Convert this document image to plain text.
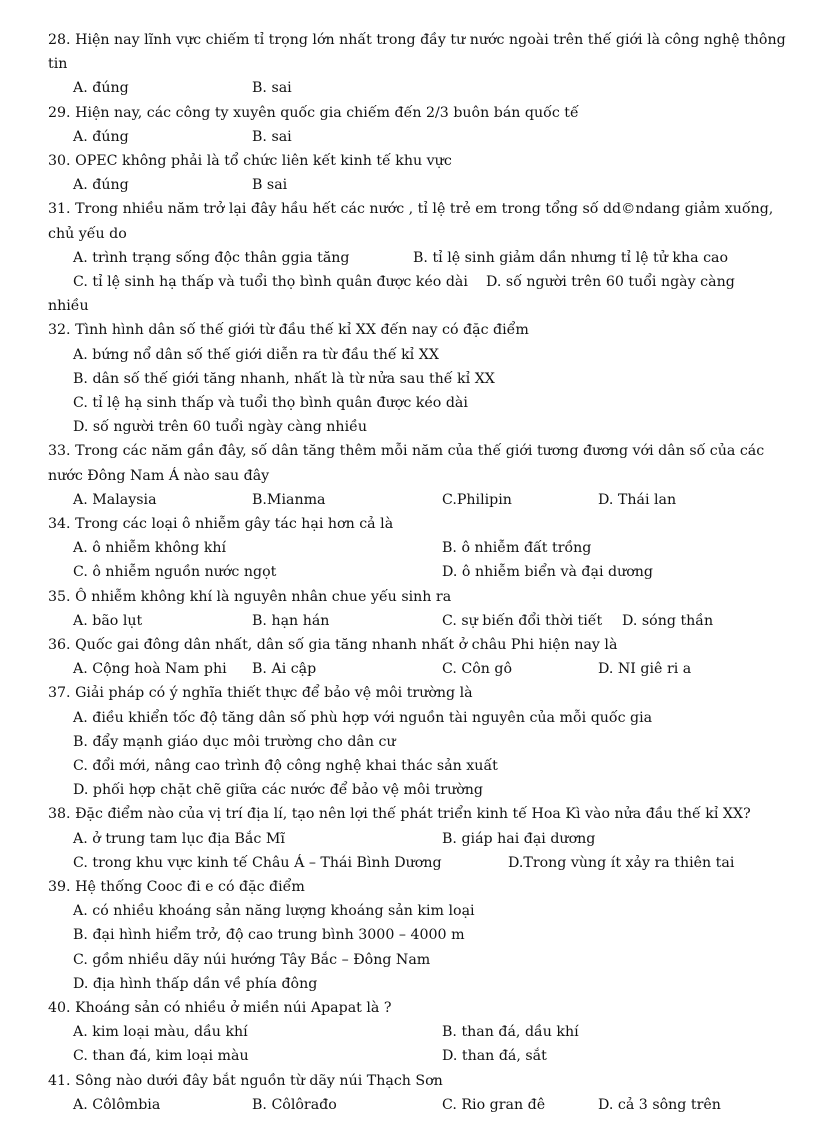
28. Hiện nay lĩnh vực chiếm tỉ trọng lớn nhất trong đầy tư nước ngoài trên thế giới là công nghệ thông tin
A. đúng	B. sai
29. Hiện nay, các công ty xuyên quốc gia chiếm đến 2/3 buôn bán quốc tế
A. đúng	B. sai
30. OPEC không phải là tổ chức liên kết kinh tế khu vực
A. đúng	B sai
31. Trong nhiều năm trở lại đây hầu hết các nước , tỉ lệ trẻ em trong tổng số dd©ndang giảm xuống, chủ yếu do
A. trình trạng sống độc thân ggia tăng	B. tỉ lệ sinh giảm dần nhưng tỉ lệ tử kha cao
C. tỉ lệ sinh hạ thấp và tuổi thọ bình quân được kéo dài D. số người trên 60 tuổi ngày càng
nhiều
32. Tình hình dân số thế giới từ đầu thế kỉ XX đến nay có đặc điểm
A. bứng nổ dân số thế giới diễn ra từ đầu thế kỉ XX
B. dân số thế giới tăng nhanh, nhất là từ nửa sau thế kỉ XX
C. tỉ lệ hạ sinh thấp và tuổi thọ bình quân được kéo dài
D. số người trên 60 tuổi ngày càng nhiều
33. Trong các năm gần đây, số dân tăng thêm mỗi năm của thế giới tương đương với dân số của các nước Đông Nam Á nào sau đây
A. Malaysia	B.Mianma	C.Philipin	D. Thái lan
34. Trong các loại ô nhiễm gây tác hại hơn cả là
A. ô nhiễm không khí	B. ô nhiễm đất trồng
C. ô nhiễm nguồn nước ngọt	D. ô nhiễm biển và đại dương
35. Ô nhiễm không khí là nguyên nhân chue yếu sinh ra
A. bão lụt	B. hạn hán	C. sự biến đổi thời tiết D. sóng thần
36. Quốc gai đông dân nhất, dân số gia tăng nhanh nhất ở châu Phi hiện nay là
A. Cộng hoà Nam phi B. Ai cập	C. Côn gô	D. NI giê ri a
37. Giải pháp có ý nghĩa thiết thực để bảo vệ môi trường là
A. điều khiển tốc độ tăng dân số phù hợp với nguồn tài nguyên của mỗi quốc gia
B. đẩy mạnh giáo dục môi trường cho dân cư
C. đổi mới, nâng cao trình độ công nghệ khai thác sản xuất
D. phối hợp chặt chẽ giữa các nước để bảo vệ môi trường
38. Đặc điểm nào của vị trí địa lí, tạo nên lợi thế phát triển kinh tế Hoa Kì vào nửa đầu thế kỉ XX?
A. ở trung tam lục địa Bắc Mĩ	B. giáp hai đại dương
C. trong khu vực kinh tế Châu Á – Thái Bình Dương	D.Trong vùng ít xảy ra thiên tai
39. Hệ thống Cooc đi e có đặc điểm
A. có nhiều khoáng sản năng lượng khoáng sản kim loại
B. đại hình hiểm trở, độ cao trung bình 3000 – 4000 m
C. gồm nhiều dãy núi hướng Tây Bắc – Đông Nam
D. địa hình thấp dần về phía đông
40. Khoáng sản có nhiều ở miền núi Apapat là ?
A. kim loại màu, dầu khí	B. than đá, dầu khí
C. than đá, kim loại màu	D. than đá, sắt
41. Sông nào dưới đây bắt nguồn từ dãy núi Thạch Sơn
A. Côlômbia	B. Côlôrađo	C. Rio gran đê	D. cả 3 sông trên
